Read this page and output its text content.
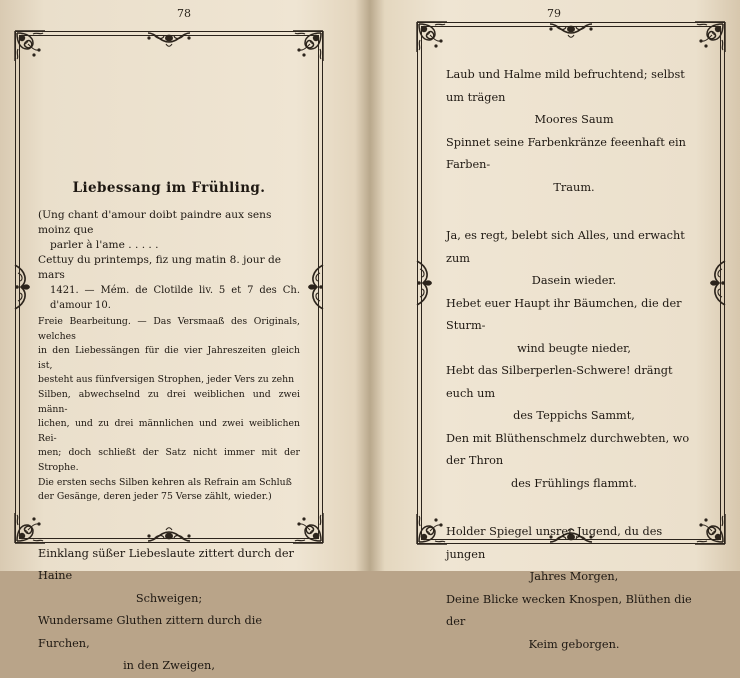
78
Liebessang im Frühling.
(Ung chant d'amour doibt paindre aux sens moinz que
parler à l'ame . . . . .
Cettuy du printemps, fiz ung matin 8. jour de mars
1421. — Mém. de Clotilde liv. 5 et 7 des Ch. d'amour 10.
Freie Bearbeitung. — Das Versmaaß des Originals, welches
in den Liebessängen für die vier Jahreszeiten gleich ist,
besteht aus fünfversigen Strophen, jeder Vers zu zehn
Silben, abwechselnd zu drei weiblichen und zwei männ-
lichen, und zu drei männlichen und zwei weiblichen Rei-
men; doch schließt der Satz nicht immer mit der Strophe.
Die ersten sechs Silben kehren als Refrain am Schluß
der Gesänge, deren jeder 75 Verse zählt, wieder.)
Einklang süßer Liebeslaute zittert durch der Haine
Schweigen;
Wundersame Gluthen zittern durch die Furchen,
in den Zweigen,
79
Laub und Halme mild befruchtend; selbst um trägen
Moores Saum
Spinnet seine Farbenkränze feeenhaft ein Farben-
Traum.
Ja, es regt, belebt sich Alles, und erwacht zum
Dasein wieder.
Hebet euer Haupt ihr Bäumchen, die der Sturm-
wind beugte nieder,
Hebt das Silberperlen-Schwere! drängt euch um
des Teppichs Sammt,
Den mit Blüthenschmelz durchwebten, wo der Thron
des Frühlings flammt.
Holder Spiegel unsrer Jugend, du des jungen
Jahres Morgen,
Deine Blicke wecken Knospen, Blüthen die der
Keim geborgen.
